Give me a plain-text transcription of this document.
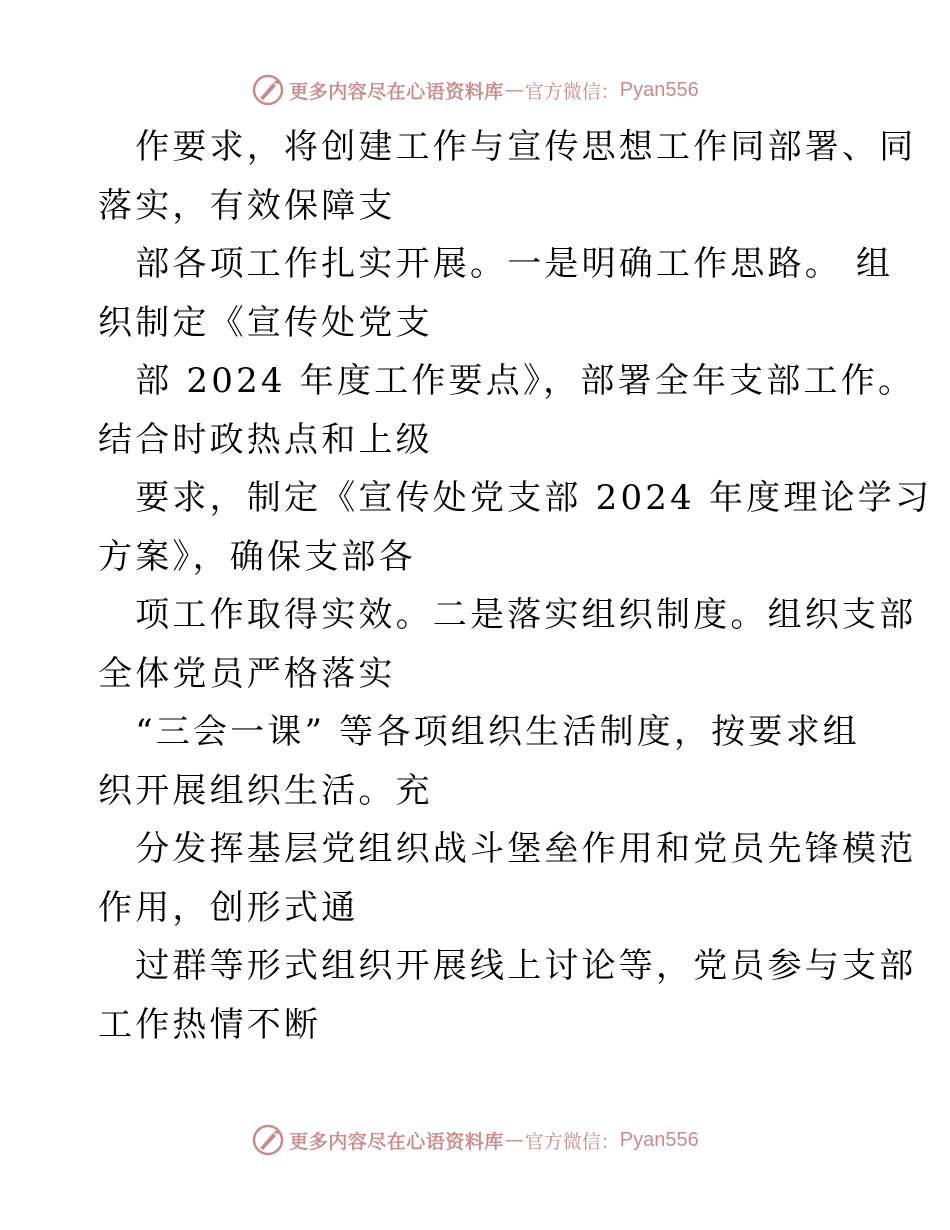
更多内容尽在心语资料库 — 官方微信： Pyan556

　作要求，将创建工作与宣传思想工作同部署、同

落实，有效保障支

　部各项工作扎实开展。一是明确工作思路。 组

织制定《宣传处党支

　部 2024 年度工作要点》，部署全年支部工作。

结合时政热点和上级

　要求，制定《宣传处党支部 2024 年度理论学习

方案》，确保支部各

　项工作取得实效。二是落实组织制度。组织支部

全体党员严格落实

　“三会一课” 等各项组织生活制度，按要求组

织开展组织生活。充

　分发挥基层党组织战斗堡垒作用和党员先锋模范

作用，创形式通

　过群等形式组织开展线上讨论等，党员参与支部

工作热情不断

更多内容尽在心语资料库 — 官方微信： Pyan556
